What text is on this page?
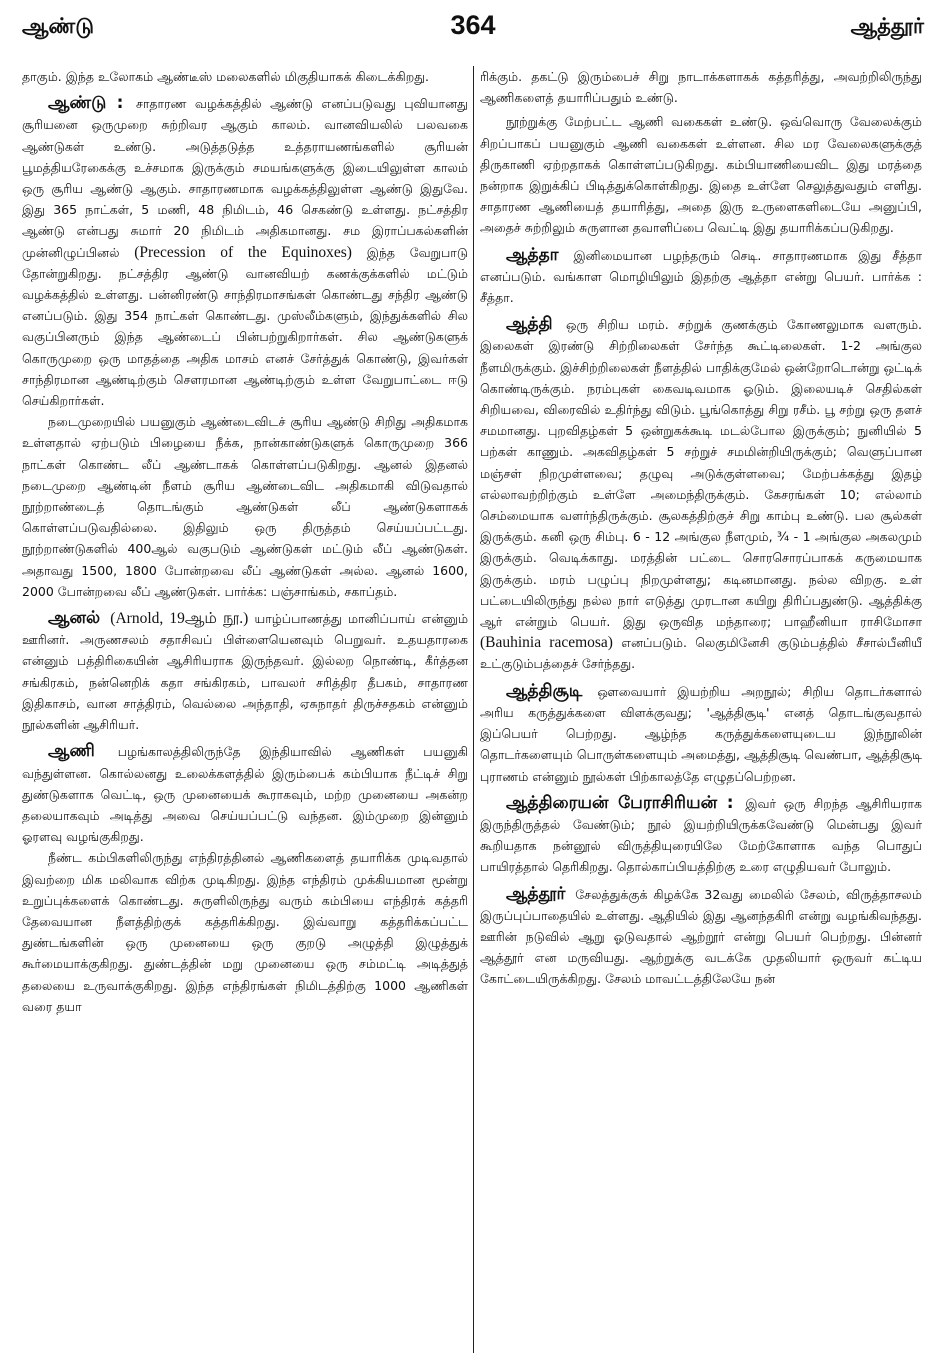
ஆண்டு	364	ஆத்தூர்

தாகும். இந்த உலோகம் ஆண்டீஸ் மலைகளில் மிகுதியாகக் கிடைக்கிறது.

ஆண்டு : சாதாரண வழக்கத்தில் ஆண்டு எனப்படுவது புவியானது சூரியனை ஒருமுறை சுற்றிவர ஆகும் காலம். வானவியலில் பலவகை ஆண்டுகள் உண்டு. அடுத்தடுத்த உத்தராயணங்களில் சூரியன் பூமத்தியரேகைக்கு உச்சமாக இருக்கும் சமயங்களுக்கு இடையிலுள்ள காலம் ஒரு சூரிய ஆண்டு ஆகும். சாதாரணமாக வழக்கத்திலுள்ள ஆண்டு இதுவே. இது 365 நாட்கள், 5 மணி, 48 நிமிடம், 46 செகண்டு உள்ளது. நட்சத்திர ஆண்டு என்பது சுமார் 20 நிமிடம் அதிகமானது. சம இராப்பகல்களின் முன்னிழுப்பினல் (Precession of the Equinoxes) இந்த வேறுபாடு தோன்றுகிறது. நட்சத்திர ஆண்டு வானவியற் கணக்குக்களில் மட்டும் வழக்கத்தில் உள்ளது. பன்னிரண்டு சாந்திரமாசங்கள் கொண்டது சந்திர ஆண்டு எனப்படும். இது 354 நாட்கள் கொண்டது. முஸ்லீம்களும், இந்துக்களில் சில வகுப்பினரும் இந்த ஆண்டைப் பின்பற்றுகிறார்கள். சில ஆண்டுகளுக் கொருமுறை ஒரு மாதத்தை அதிக மாசம் எனச் சேர்த்துக் கொண்டு, இவர்கள் சாந்திரமான ஆண்டிற்கும் சௌரமான ஆண்டிற்கும் உள்ள வேறுபாட்டை ஈடு செய்கிறார்கள்.

நடைமுறையில் பயனுகும் ஆண்டைவிடச் சூரிய ஆண்டு சிறிது அதிகமாக உள்ளதால் ஏற்படும் பிழையை நீக்க, நான்காண்டுகளுக் கொருமுறை 366 நாட்கள் கொண்ட லீப் ஆண்டாகக் கொள்ளப்படுகிறது. ஆனல் இதனல் நடைமுறை ஆண்டின் நீளம் சூரிய ஆண்டைவிட அதிகமாகி விடுவதால் நூற்றாண்டைத் தொடங்கும் ஆண்டுகள் லீப் ஆண்டுகளாகக் கொள்ளப்படுவதில்லை. இதிலும் ஒரு திருத்தம் செய்யப்பட்டது. நூற்றாண்டுகளில் 400ஆல் வகுபடும் ஆண்டுகள் மட்டும் லீப் ஆண்டுகள். அதாவது 1500, 1800 போன்றவை லீப் ஆண்டுகள் அல்ல. ஆனல் 1600, 2000 போன்றவை லீப் ஆண்டுகள். பார்க்க: பஞ்சாங்கம், சகாப்தம்.

ஆனல் (Arnold, 19ஆம் நூ.) யாழ்ப்பாணத்து மானிப்பாய் என்னும் ஊரினர். அருணசலம் சதாசிவப் பிள்ளையெனவும் பெறுவர். உதயதாரகை என்னும் பத்திரிகையின் ஆசிரியராக இருந்தவர். இல்லற நொண்டி, கீர்த்தன சங்கிரகம், நன்னெறிக் கதா சங்கிரகம், பாவலர் சரித்திர தீபகம், சாதாரண இதிகாசம், வான சாத்திரம், வெல்லை அந்தாதி, ஏசுநாதர் திருச்சதகம் என்னும் நூல்களின் ஆசிரியர்.

ஆணி பழங்காலத்திலிருந்தே இந்தியாவில் ஆணிகள் பயனுகி வந்துள்ளன. கொல்லனது உலைக்களத்தில் இரும்பைக் கம்பியாக நீட்டிச் சிறு துண்டுகளாக வெட்டி, ஒரு முனையைக் கூராகவும், மற்ற முனையை அகன்ற தலையாகவும் அடித்து அவை செய்யப்பட்டு வந்தன. இம்முறை இன்னும் ஓரளவு வழங்குகிறது.

நீண்ட கம்பிகளிலிருந்து எந்திரத்தினல் ஆணிகளைத் தயாரிக்க முடிவதால் இவற்றை மிக மலிவாக விற்க முடிகிறது. இந்த எந்திரம் முக்கியமான மூன்று உறுப்புக்களைக் கொண்டது. சுருளிலிருந்து வரும் கம்பியை எந்திரக் கத்தரி தேவையான நீளத்திற்குக் கத்தரிக்கிறது. இவ்வாறு கத்தரிக்கப்பட்ட துண்டங்களின் ஒரு முனையை ஒரு குறடு அழுத்தி இழுத்துக் கூர்மையாக்குகிறது. துண்டத்தின் மறு முனையை ஒரு சம்மட்டி அடித்துத் தலையை உருவாக்குகிறது. இந்த எந்திரங்கள் நிமிடத்திற்கு 1000 ஆணிகள் வரை தயா

ரிக்கும். தகட்டு இரும்பைச் சிறு நாடாக்களாகக் கத்தரித்து, அவற்றிலிருந்து ஆணிகளைத் தயாரிப்பதும் உண்டு.

நூற்றுக்கு மேற்பட்ட ஆணி வகைகள் உண்டு. ஒவ்வொரு வேலைக்கும் சிறப்பாகப் பயனுகும் ஆணி வகைகள் உள்ளன. சில மர வேலைகளுக்குத் திருகாணி ஏற்றதாகக் கொள்ளப்படுகிறது. கம்பியாணியைவிட இது மரத்தை நன்றாக இறுக்கிப் பிடித்துக்கொள்கிறது. இதை உள்ளே செலுத்துவதும் எளிது. சாதாரண ஆணியைத் தயாரித்து, அதை இரு உருளைகளிடையே அனுப்பி, அதைச் சுற்றிலும் சுருளான தவாளிப்பை வெட்டி இது தயாரிக்கப்படுகிறது.

ஆத்தா இனிமையான பழந்தரும் செடி. சாதாரணமாக இது சீத்தா எனப்படும். வங்காள மொழியிலும் இதற்கு ஆத்தா என்று பெயர். பார்க்க : சீத்தா.

ஆத்தி ஒரு சிறிய மரம். சற்றுக் குணக்கும் கோணலுமாக வளரும். இலைகள் இரண்டு சிற்றிலைகள் சேர்ந்த கூட்டிலைகள். 1-2 அங்குல நீளமிருக்கும். இச்சிற்றிலைகள் நீளத்தில் பாதிக்குமேல் ஒன்றோடொன்று ஒட்டிக் கொண்டிருக்கும். நரம்புகள் கைவடிவமாக ஓடும். இலையடிச் செதில்கள் சிறியவை, விரைவில் உதிர்ந்து விடும். பூங்கொத்து சிறு ரசீம். பூ சற்று ஒரு தளச் சமமானது. புறவிதழ்கள் 5 ஒன்றுகக்கூடி மடல்போல இருக்கும்; நுனியில் 5 பற்கள் காணும். அகவிதழ்கள் 5 சற்றுச் சமமின்றியிருக்கும்; வெளுப்பான மஞ்சள் நிறமுள்ளவை; தழுவு அடுக்குள்ளவை; மேற்பக்கத்து இதழ் எல்லாவற்றிற்கும் உள்ளே அமைந்திருக்கும். கேசரங்கள் 10; எல்லாம் செம்மையாக வளர்ந்திருக்கும். சூலகத்திற்குச் சிறு காம்பு உண்டு. பல சூல்கள் இருக்கும். கனி ஒரு சிம்பு. 6 - 12 அங்குல நீளமும், ¾ - 1 அங்குல அகலமும் இருக்கும். வெடிக்காது. மரத்தின் பட்டை சொரசொரப்பாகக் கருமையாக இருக்கும். மரம் பழுப்பு நிறமுள்ளது; கடினமானது. நல்ல விறகு. உள் பட்டையிலிருந்து நல்ல நார் எடுத்து முரடான கயிறு திரிப்பதுண்டு. ஆத்திக்கு ஆர் என்றும் பெயர். இது ஒருவித மந்தாரை; பாஹீனியா ராசிமோசா (Bauhinia racemosa) எனப்படும். லெகுமினேசி குடும்பத்தில் சீசால்பீனியீ உட்குடும்பத்தைச் சேர்ந்தது.

ஆத்திசூடி ஔவையார் இயற்றிய அறநூல்; சிறிய தொடர்களால் அரிய கருத்துக்களை விளக்குவது; 'ஆத்திசூடி' எனத் தொடங்குவதால் இப்பெயர் பெற்றது. ஆழ்ந்த கருத்துக்களையுடைய இந்நூலின் தொடர்களையும் பொருள்களையும் அமைத்து, ஆத்திசூடி வெண்பா, ஆத்திசூடி புராணம் என்னும் நூல்கள் பிற்காலத்தே எழுதப்பெற்றன.

ஆத்திரையன் பேராசிரியன் : இவர் ஒரு சிறந்த ஆசிரியராக இருந்திருத்தல் வேண்டும்; நூல் இயற்றியிருக்கவேண்டு மென்பது இவர் கூறியதாக நன்னூல் விருத்தியுரையிலே மேற்கோளாக வந்த பொதுப் பாயிரத்தால் தெரிகிறது. தொல்காப்பியத்திற்கு உரை எழுதியவர் போலும்.

ஆத்தூர் சேலத்துக்குக் கிழக்கே 32வது மைலில் சேலம், விருத்தாசலம் இருப்புப்பாதையில் உள்ளது. ஆதியில் இது ஆனந்தகிரி என்று வழங்கிவந்தது. ஊரின் நடுவில் ஆறு ஓடுவதால் ஆற்றூர் என்று பெயர் பெற்றது. பின்னர் ஆத்தூர் என மருவியது. ஆற்றுக்கு வடக்கே முதலியார் ஒருவர் கட்டிய கோட்டையிருக்கிறது. சேலம் மாவட்டத்திலேயே நன்
